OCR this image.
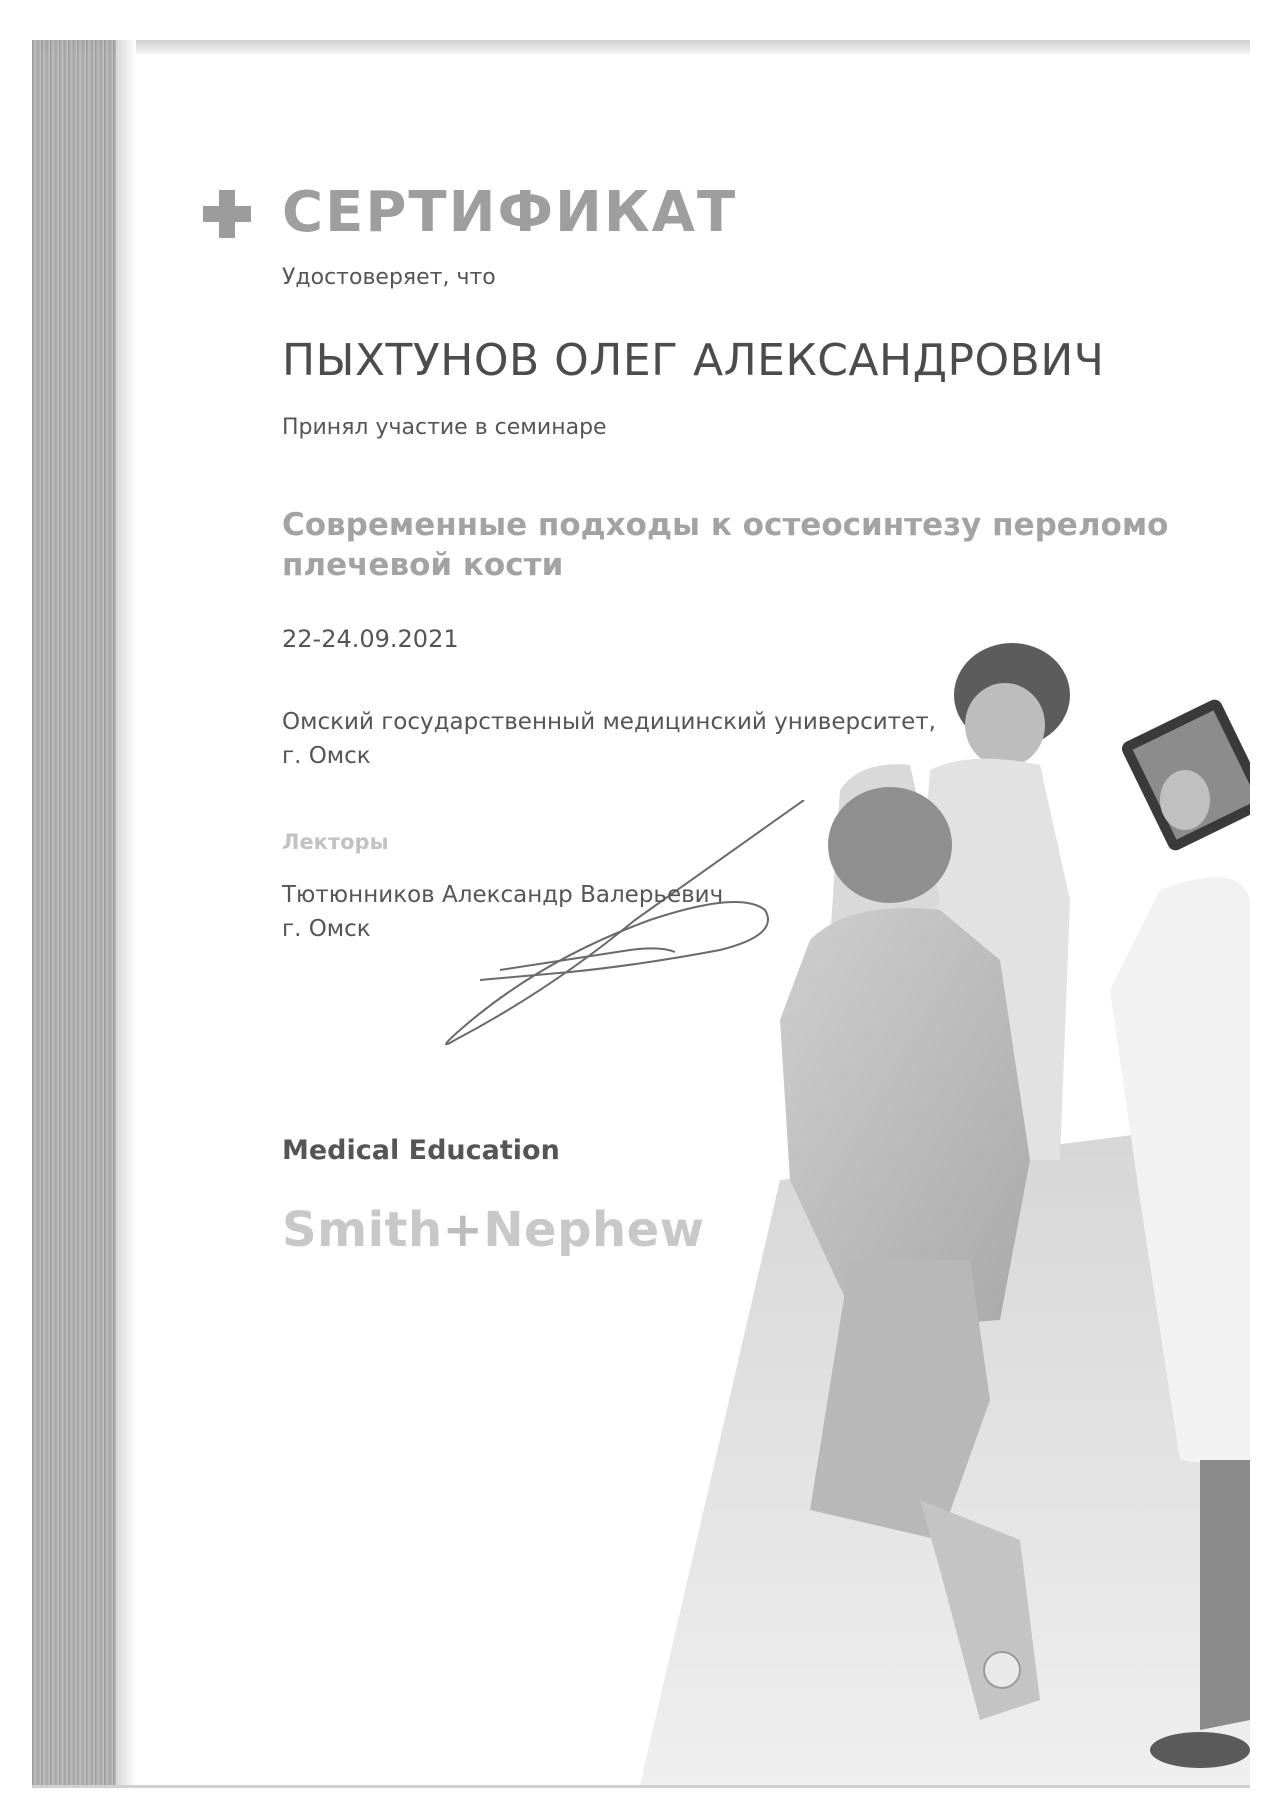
СЕРТИФИКАТ
Удостоверяет, что
ПЫХТУНОВ ОЛЕГ АЛЕКСАНДРОВИЧ
Принял участие в семинаре
Современные подходы к остеосинтезу переломо
плечевой кости
22-24.09.2021
Омский государственный медицинский университет,
г. Омск
Лекторы
Тютюнников Александр Валерьевич
г. Омск
Medical Education
Smith+Nephew
